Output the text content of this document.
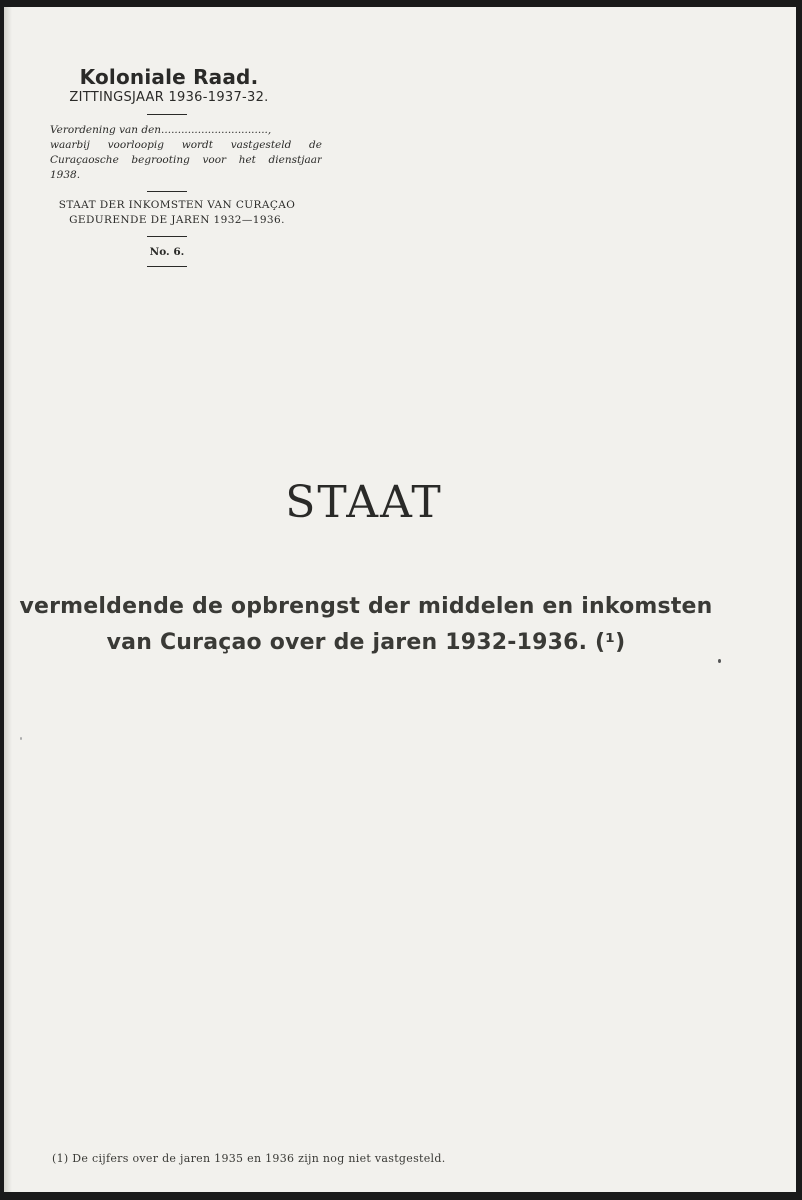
Koloniale Raad.
ZITTINGSJAAR 1936-1937-32.
Verordening van den................................,
waarbij voorloopig wordt vastgesteld de
Curaçaosche begrooting voor het dienstjaar
1938.
STAAT DER INKOMSTEN VAN CURAÇAO
GEDURENDE DE JAREN 1932—1936.
No. 6.
STAAT
vermeldende de opbrengst der middelen en inkomsten
van Curaçao over de jaren 1932-1936. (¹)
(1) De cijfers over de jaren 1935 en 1936 zijn nog niet vastgesteld.
